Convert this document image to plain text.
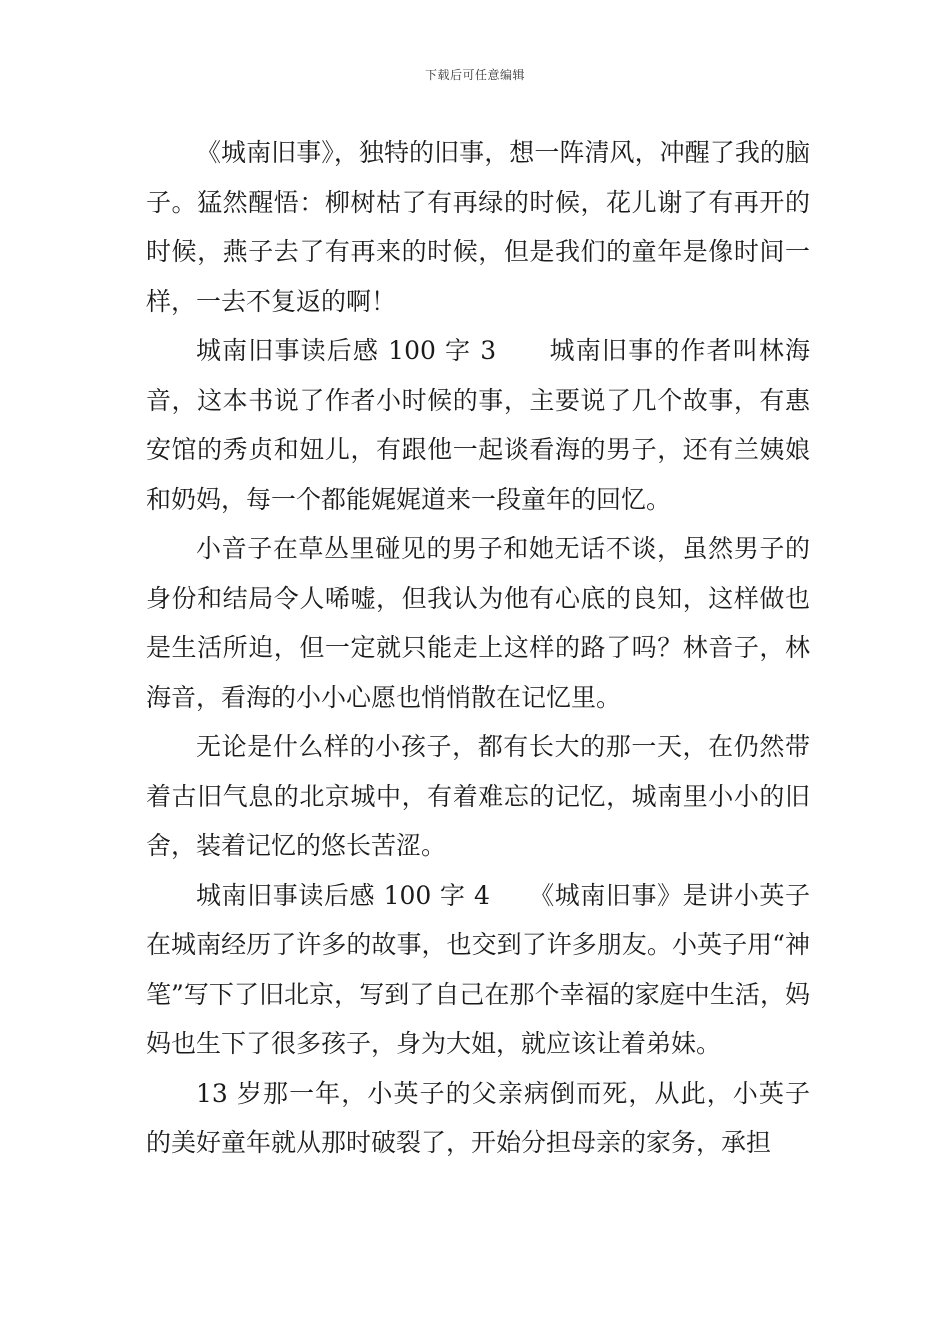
下载后可任意编辑

《城南旧事》，独特的旧事，想一阵清风，冲醒了我的脑子。猛然醒悟：柳树枯了有再绿的时候，花儿谢了有再开的时候，燕子去了有再来的时候，但是我们的童年是像时间一样，一去不复返的啊！

城南旧事读后感 100 字 3　　城南旧事的作者叫林海音，这本书说了作者小时候的事，主要说了几个故事，有惠安馆的秀贞和妞儿，有跟他一起谈看海的男子，还有兰姨娘和奶妈，每一个都能娓娓道来一段童年的回忆。

小音子在草丛里碰见的男子和她无话不谈，虽然男子的身份和结局令人唏嘘，但我认为他有心底的良知，这样做也是生活所迫，但一定就只能走上这样的路了吗？林音子，林海音，看海的小小心愿也悄悄散在记忆里。

无论是什么样的小孩子，都有长大的那一天，在仍然带着古旧气息的北京城中，有着难忘的记忆，城南里小小的旧舍，装着记忆的悠长苦涩。

城南旧事读后感 100 字 4　　《城南旧事》是讲小英子在城南经历了许多的故事，也交到了许多朋友。小英子用“神笔”写下了旧北京，写到了自己在那个幸福的家庭中生活，妈妈也生下了很多孩子，身为大姐，就应该让着弟妹。

13 岁那一年，小英子的父亲病倒而死，从此，小英子的美好童年就从那时破裂了，开始分担母亲的家务，承担
